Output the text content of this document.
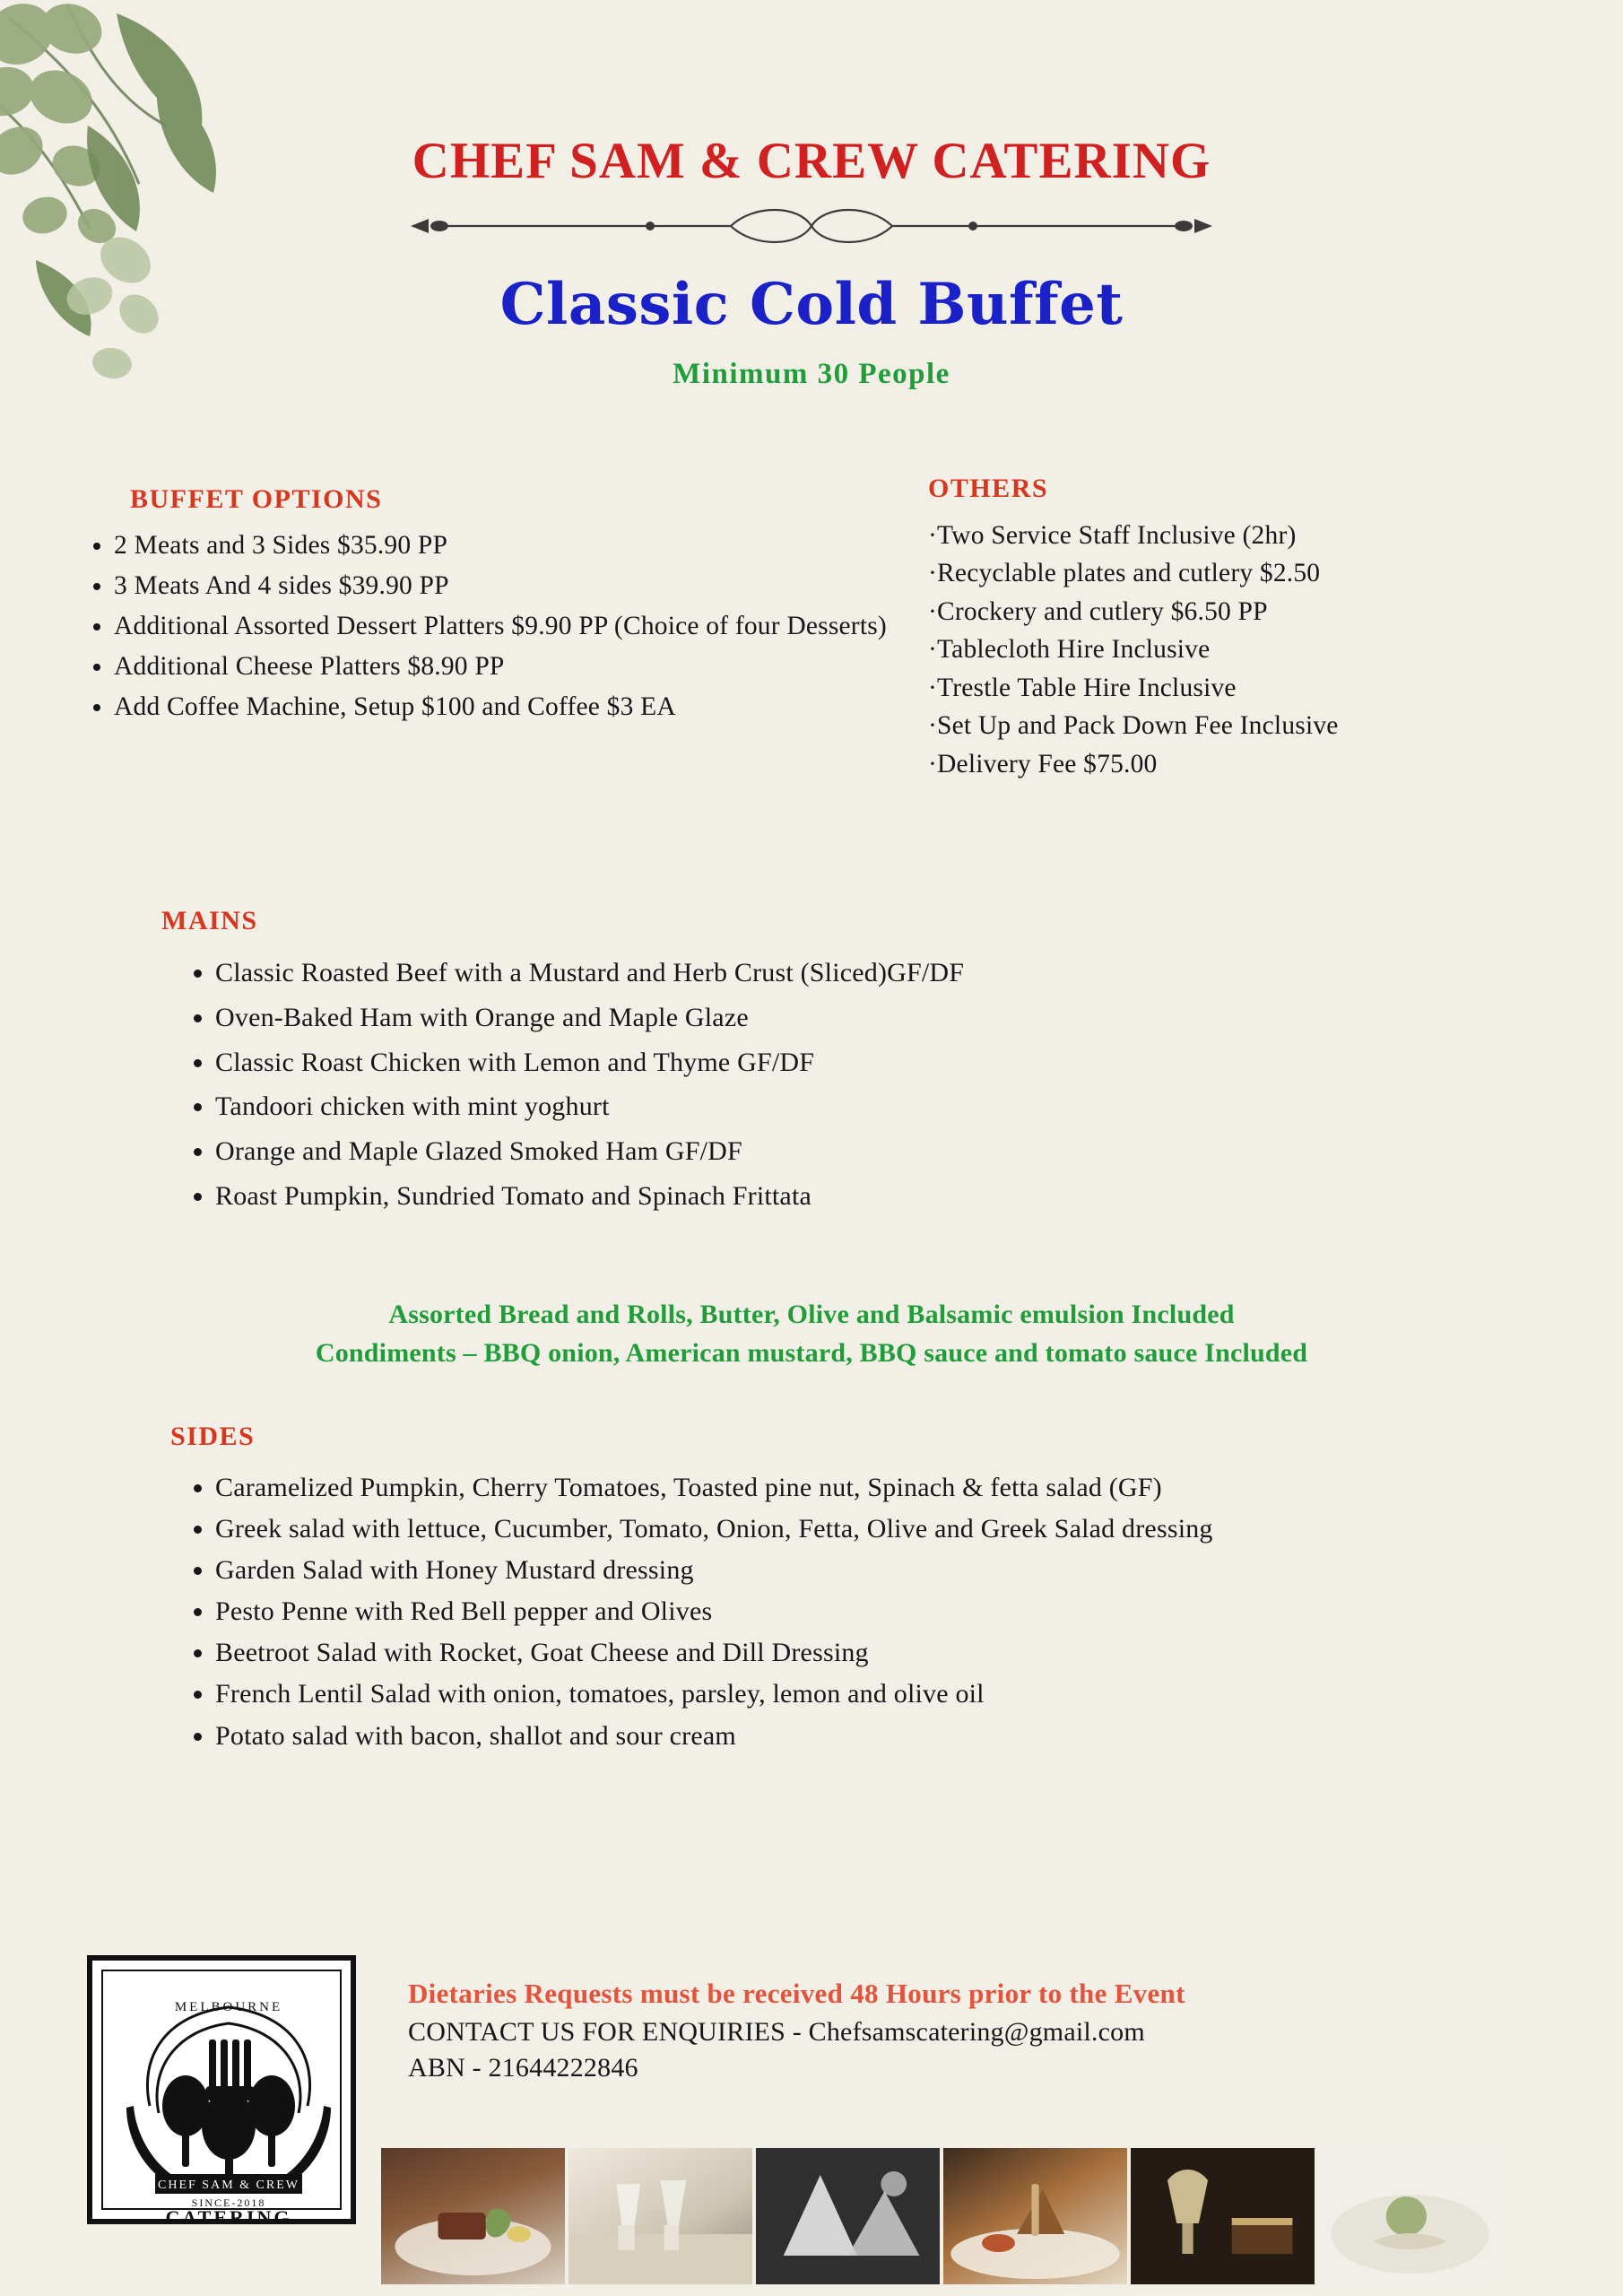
CHEF SAM & CREW CATERING
Classic Cold Buffet
Minimum 30 People
BUFFET OPTIONS
• 2 Meats and 3 Sides $35.90 PP
• 3 Meats And 4 sides $39.90 PP
• Additional Assorted Dessert Platters $9.90 PP (Choice of four Desserts)
• Additional Cheese Platters $8.90 PP
• Add Coffee Machine, Setup $100 and Coffee $3 EA
OTHERS
·Two Service Staff Inclusive (2hr)
·Recyclable plates and cutlery $2.50
·Crockery and cutlery $6.50 PP
·Tablecloth Hire Inclusive
·Trestle Table Hire Inclusive
·Set Up and Pack Down Fee Inclusive
·Delivery Fee $75.00
MAINS
• Classic Roasted Beef with a Mustard and Herb Crust (Sliced)GF/DF
• Oven-Baked Ham with Orange and Maple Glaze
• Classic Roast Chicken with Lemon and Thyme GF/DF
• Tandoori chicken with mint yoghurt
• Orange and Maple Glazed Smoked Ham GF/DF
• Roast Pumpkin, Sundried Tomato and Spinach Frittata
Assorted Bread and Rolls, Butter, Olive and Balsamic emulsion Included
Condiments – BBQ onion, American mustard, BBQ sauce and tomato sauce Included
SIDES
• Caramelized Pumpkin, Cherry Tomatoes, Toasted pine nut, Spinach & fetta salad (GF)
• Greek salad with lettuce, Cucumber, Tomato, Onion, Fetta, Olive and Greek Salad dressing
• Garden Salad with Honey Mustard dressing
• Pesto Penne with Red Bell pepper and Olives
• Beetroot Salad with Rocket, Goat Cheese and Dill Dressing
• French Lentil Salad with onion, tomatoes, parsley, lemon and olive oil
• Potato salad with bacon, shallot and sour cream
MELBOURNE
CHEF SAM & CREW
SINCE-2018
CATERING
Dietaries Requests must be received 48 Hours prior to the Event
CONTACT US FOR ENQUIRIES - Chefsamscatering@gmail.com
ABN - 21644222846
